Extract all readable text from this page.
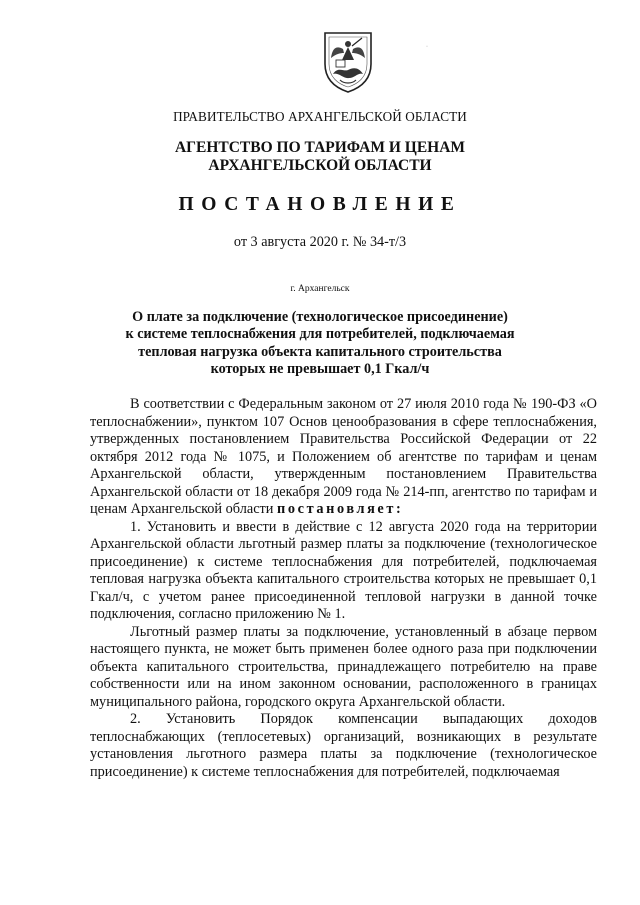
·
ПРАВИТЕЛЬСТВО АРХАНГЕЛЬСКОЙ ОБЛАСТИ
АГЕНТСТВО ПО ТАРИФАМ И ЦЕНАМ
АРХАНГЕЛЬСКОЙ ОБЛАСТИ
ПОСТАНОВЛЕНИЕ
от 3 августа 2020 г. № 34-т/3
г. Архангельск
О плате за подключение (технологическое присоединение)
к системе теплоснабжения для потребителей, подключаемая
тепловая нагрузка объекта капитального строительства
которых не превышает 0,1 Гкал/ч

В соответствии с Федеральным законом от 27 июля 2010 года № 190-ФЗ «О теплоснабжении», пунктом 107 Основ ценообразования в сфере теплоснабжения, утвержденных постановлением Правительства Российской Федерации от 22 октября 2012 года № 1075, и Положением об агентстве по тарифам и ценам Архангельской области, утвержденным постановлением Правительства Архангельской области от 18 декабря 2009 года № 214-пп, агентство по тарифам и ценам Архангельской области постановляет:

1. Установить и ввести в действие с 12 августа 2020 года на территории Архангельской области льготный размер платы за подключение (технологическое присоединение) к системе теплоснабжения для потребителей, подключаемая тепловая нагрузка объекта капитального строительства которых не превышает 0,1 Гкал/ч, с учетом ранее присоединенной тепловой нагрузки в данной точке подключения, согласно приложению № 1.

Льготный размер платы за подключение, установленный в абзаце первом настоящего пункта, не может быть применен более одного раза при подключении объекта капитального строительства, принадлежащего потребителю на праве собственности или на ином законном основании, расположенного в границах муниципального района, городского округа Архангельской области.

2. Установить Порядок компенсации выпадающих доходов теплоснабжающих (теплосетевых) организаций, возникающих в результате установления льготного размера платы за подключение (технологическое присоединение) к системе теплоснабжения для потребителей, подключаемая
